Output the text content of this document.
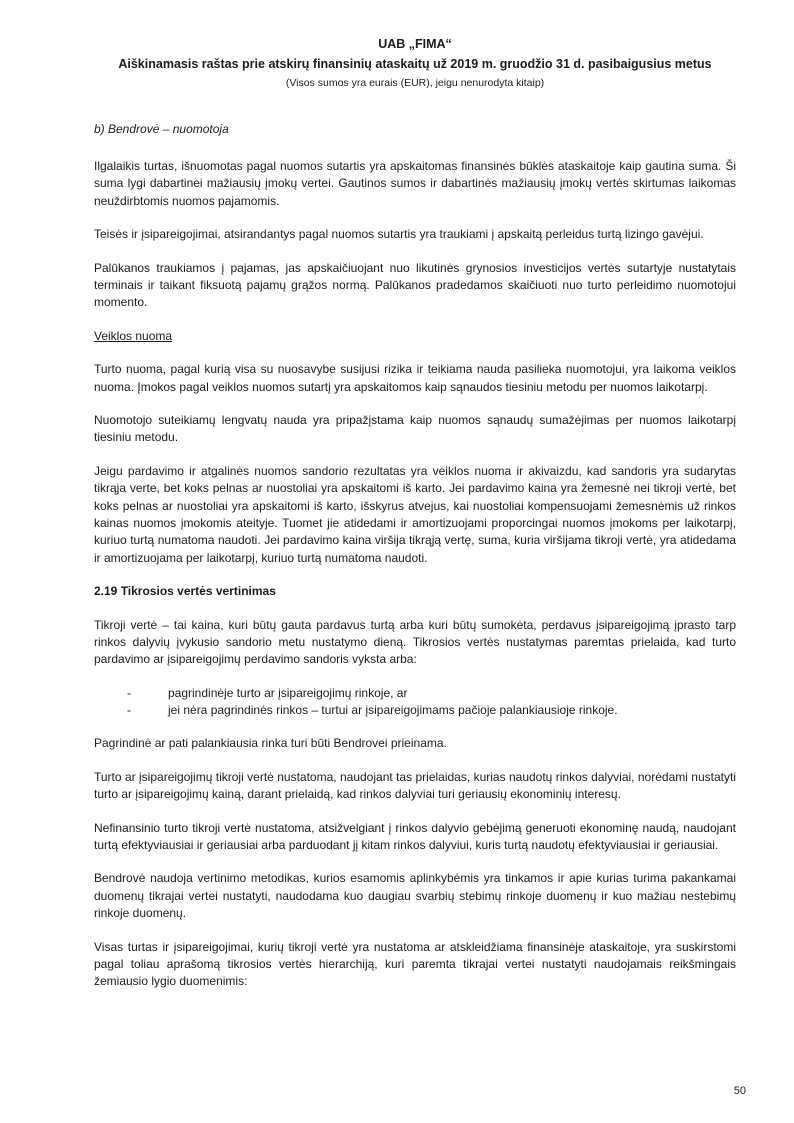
UAB „FIMA“
Aiškinamasis raštas prie atskirų finansinių ataskaitų už 2019 m. gruodžio 31 d. pasibaigusius metus
(Visos sumos yra eurais (EUR), jeigu nenurodyta kitaip)
b) Bendrovė – nuomotoja

Ilgalaikis turtas, išnuomotas pagal nuomos sutartis yra apskaitomas finansinės būklės ataskaitoje kaip gautina suma. Ši suma lygi dabartinei mažiausių įmokų vertei. Gautinos sumos ir dabartinės mažiausių įmokų vertės skirtumas laikomas neuždirbtomis nuomos pajamomis.

Teisės ir įsipareigojimai, atsirandantys pagal nuomos sutartis yra traukiami į apskaitą perleidus turtą lizingo gavėjui.

Palūkanos traukiamos į pajamas, jas apskaičiuojant nuo likutinės grynosios investicijos vertės sutartyje nustatytais terminais ir taikant fiksuotą pajamų grąžos normą. Palūkanos pradedamos skaičiuoti nuo turto perleidimo nuomotojui momento.

Veiklos nuoma

Turto nuoma, pagal kurią visa su nuosavybe susijusi rizika ir teikiama nauda pasilieka nuomotojui, yra laikoma veiklos nuoma. Įmokos pagal veiklos nuomos sutartį yra apskaitomos kaip sąnaudos tiesiniu metodu per nuomos laikotarpį.

Nuomotojo suteikiamų lengvatų nauda yra pripažįstama kaip nuomos sąnaudų sumažėjimas per nuomos laikotarpį tiesiniu metodu.

Jeigu pardavimo ir atgalinės nuomos sandorio rezultatas yra veiklos nuoma ir akivaizdu, kad sandoris yra sudarytas tikrąja verte, bet koks pelnas ar nuostoliai yra apskaitomi iš karto. Jei pardavimo kaina yra žemesnė nei tikroji vertė, bet koks pelnas ar nuostoliai yra apskaitomi iš karto, išskyrus atvejus, kai nuostoliai kompensuojami žemesnėmis už rinkos kainas nuomos įmokomis ateityje. Tuomet jie atidedami ir amortizuojami proporcingai nuomos įmokoms per laikotarpį, kuriuo turtą numatoma naudoti. Jei pardavimo kaina viršija tikrąją vertę, suma, kuria viršijama tikroji vertė, yra atidedama ir amortizuojama per laikotarpį, kuriuo turtą numatoma naudoti.

2.19 Tikrosios vertės vertinimas

Tikroji vertė – tai kaina, kuri būtų gauta pardavus turtą arba kuri būtų sumokėta, perdavus įsipareigojimą įprasto tarp rinkos dalyvių įvykusio sandorio metu nustatymo dieną. Tikrosios vertės nustatymas paremtas prielaida, kad turto pardavimo ar įsipareigojimų perdavimo sandoris vyksta arba:

-	pagrindinėje turto ar įsipareigojimų rinkoje, ar
-	jei nėra pagrindinės rinkos – turtui ar įsipareigojimams pačioje palankiausioje rinkoje.

Pagrindinė ar pati palankiausia rinka turi būti Bendrovei prieinama.

Turto ar įsipareigojimų tikroji vertė nustatoma, naudojant tas prielaidas, kurias naudotų rinkos dalyviai, norėdami nustatyti turto ar įsipareigojimų kainą, darant prielaidą, kad rinkos dalyviai turi geriausių ekonominių interesų.

Nefinansinio turto tikroji vertė nustatoma, atsižvelgiant į rinkos dalyvio gebėjimą generuoti ekonominę naudą, naudojant turtą efektyviausiai ir geriausiai arba parduodant jį kitam rinkos dalyviui, kuris turtą naudotų efektyviausiai ir geriausiai.

Bendrovė naudoja vertinimo metodikas, kurios esamomis aplinkybėmis yra tinkamos ir apie kurias turima pakankamai duomenų tikrajai vertei nustatyti, naudodama kuo daugiau svarbių stebimų rinkoje duomenų ir kuo mažiau nestebimų rinkoje duomenų.

Visas turtas ir įsipareigojimai, kurių tikroji vertė yra nustatoma ar atskleidžiama finansinėje ataskaitoje, yra suskirstomi pagal toliau aprašomą tikrosios vertės hierarchiją, kuri paremta tikrajai vertei nustatyti naudojamais reikšmingais žemiausio lygio duomenimis:

50
